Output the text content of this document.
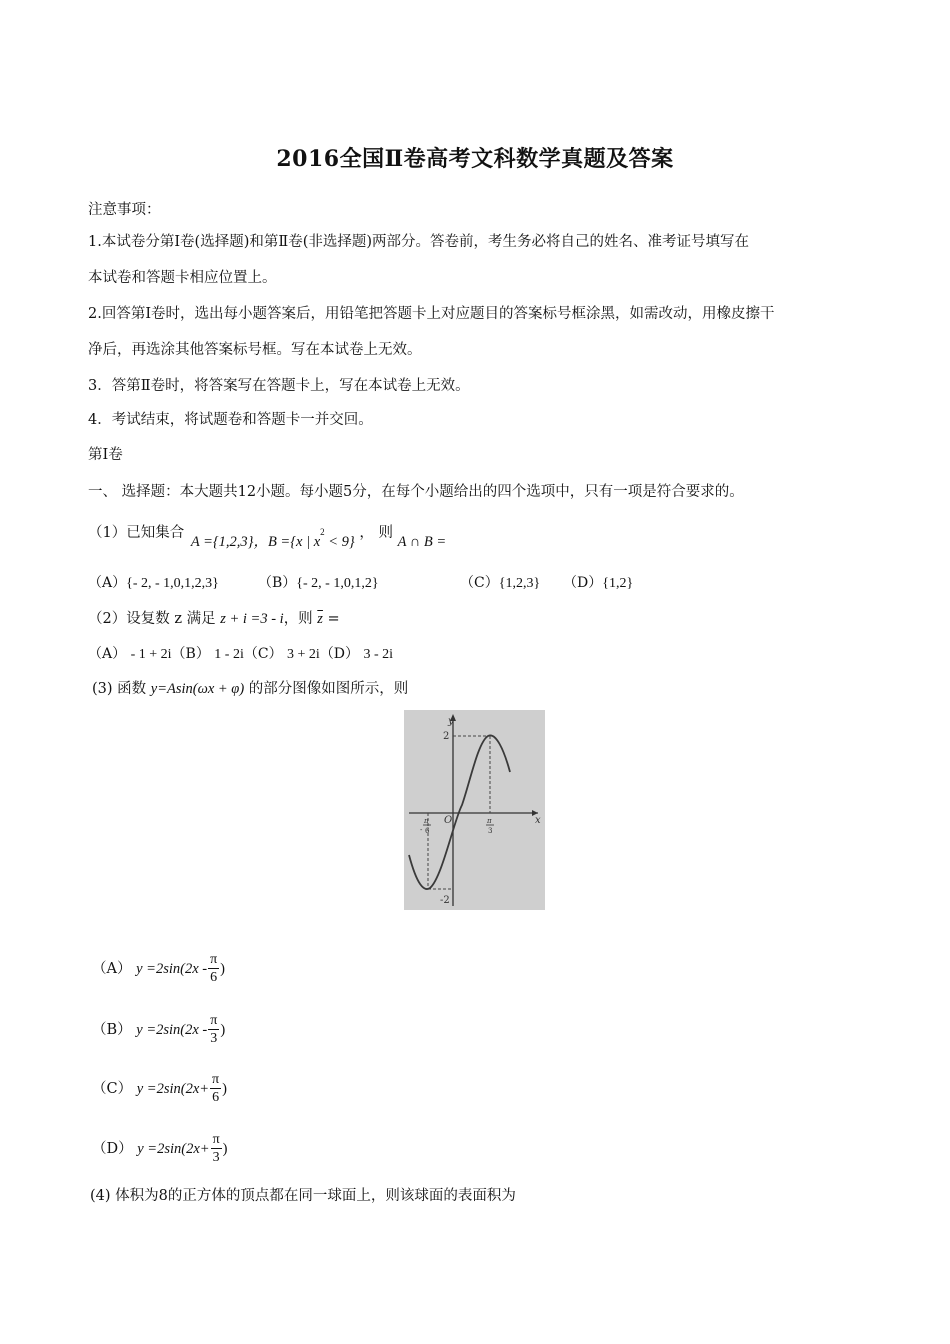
2016全国Ⅱ卷高考文科数学真题及答案
注意事项：
1.本试卷分第Ⅰ卷(选择题)和第Ⅱ卷(非选择题)两部分。答卷前，考生务必将自己的姓名、准考证号填写在
本试卷和答题卡相应位置上。
2.回答第Ⅰ卷时，选出每小题答案后，用铅笔把答题卡上对应题目的答案标号框涂黑，如需改动，用橡皮擦干
净后，再选涂其他答案标号框。写在本试卷上无效。
3．答第Ⅱ卷时，将答案写在答题卡上，写在本试卷上无效。
4．考试结束，将试题卷和答题卡一并交回。
第Ⅰ卷
一、 选择题：本大题共12小题。每小题5分，在每个小题给出的四个选项中，只有一项是符合要求的。
（1）已知集合 A ={1,2,3}，B ={x | $x^2 < 9$} ， 则 A ∩ B =
（A）{- 2, - 1,0,1,2,3}	（B）{- 2, - 1,0,1,2}	（C）{1,2,3} （D）{1,2}
（2）设复数 z 满足 z + i =3 - i，则 $\overline{z}$ =
（A） - 1 + 2i（B） 1 - 2i（C） 3 + 2i（D） 3 - 2i
(3) 函数 y=Asin(ωx + φ) 的部分图像如图所示，则
y
x
O
2
-2
π
- 6
π
3
（A） $y =2\sin(2x - \frac{\pi}{6}$ )
（B） $y =2\sin(2x - \frac{\pi}{3}$ )
（C） $y =2\sin(2x+ \frac{\pi}{6}$ )
（D） $y =2\sin(2x+ \frac{\pi}{3}$ )
(4) 体积为8的正方体的顶点都在同一球面上，则该球面的表面积为
